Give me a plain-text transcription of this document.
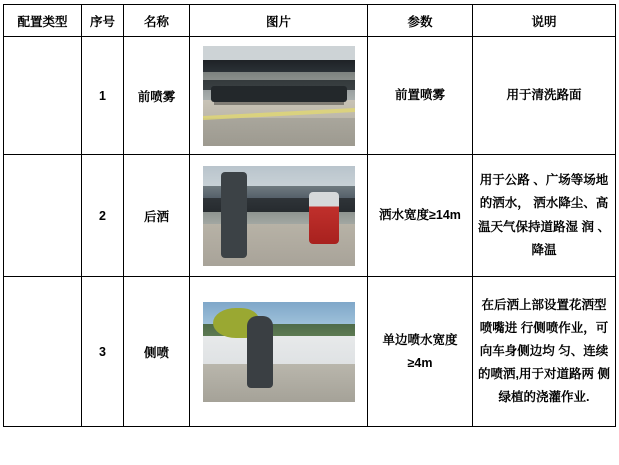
配置类型	序号	名称	图片	参数	说明
	1	前喷雾		前置喷雾	用于清洗路面
	2	后洒		洒水宽度≥14m	用于公路 、广场等场地的洒水， 洒水降尘、高温天气保持道路湿 润 、降温
	3	侧喷		单边喷水宽度 ≥4m	在后洒上部设置花洒型喷嘴进 行侧喷作业，可向车身侧边均 匀、连续的喷洒,用于对道路两 侧绿植的浇灌作业.
